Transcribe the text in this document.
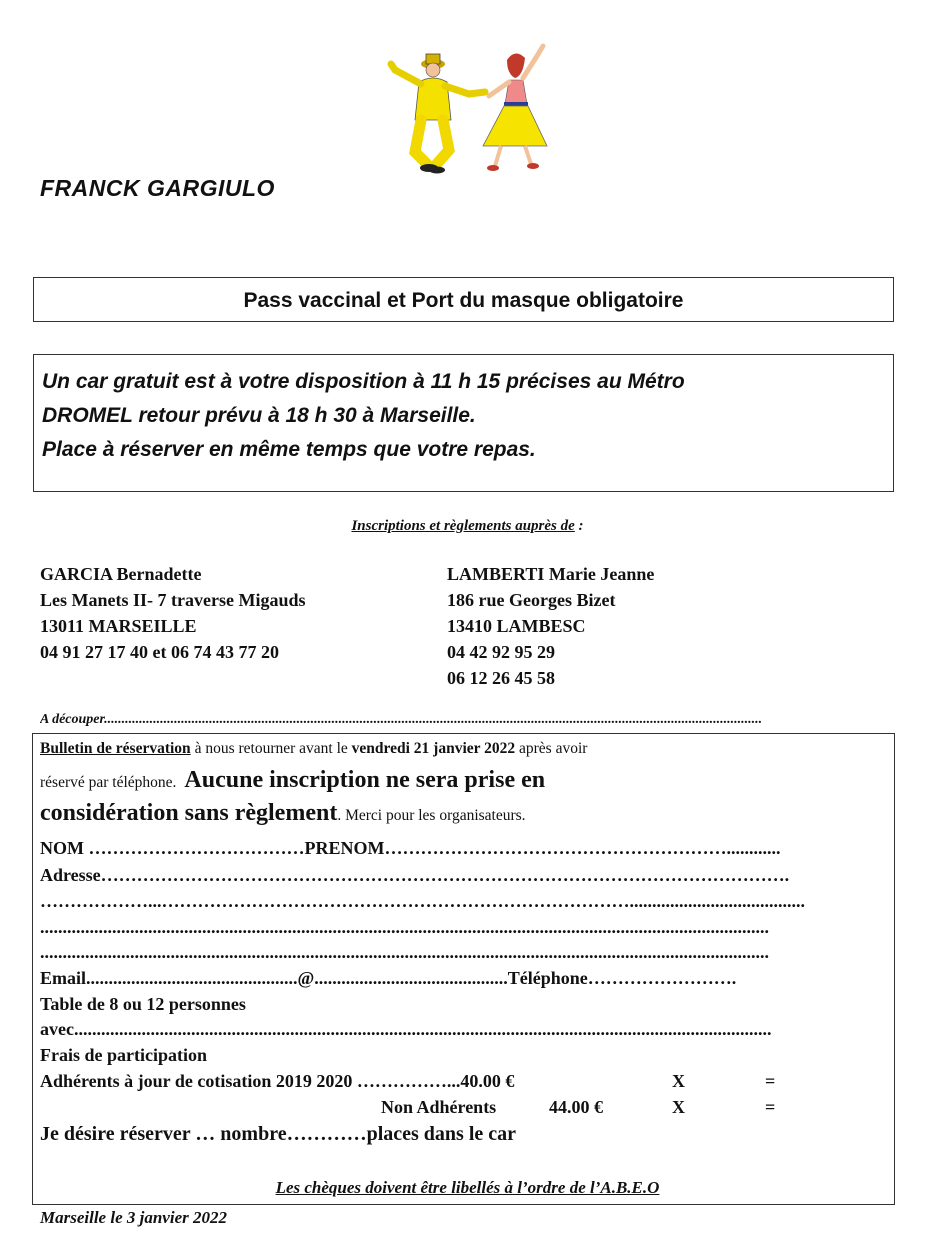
FRANCK GARGIULO
Pass vaccinal et Port du masque obligatoire
Un car gratuit est à votre disposition à 11 h 15 précises au Métro
DROMEL retour prévu à 18 h 30 à Marseille.
Place à réserver en même temps que votre repas.
Inscriptions et règlements auprès de :
GARCIA Bernadette
Les Manets II- 7 traverse Migauds
13011 MARSEILLE
04 91 27 17 40 et 06 74 43 77 20
LAMBERTI Marie Jeanne
186 rue Georges Bizet
13410 LAMBESC
04 42 92 95 29
06 12 26 45 58
A découper............................................................................................................................................................................................
Bulletin de réservation à nous retourner avant le vendredi 21 janvier 2022 après avoir
réservé par téléphone. Aucune inscription ne sera prise en
considération sans règlement. Merci pour les organisateurs.
NOM ………………………………PRENOM…………………………………………………............
Adresse…………………………………………………………………………………………………….
………………...…………………………………………………………………….......................................
..................................................................................................................................................................
..................................................................................................................................................................
Email...............................................@...........................................Téléphone…………………….
Table de 8 ou 12 personnes
avec...........................................................................................................................................................
Frais de participation
Adhérents à jour de cotisation 2019 2020 ……………...40.00 €	X	=
Non Adhérents	44.00 €	X	=
Je désire réserver … nombre…………places dans le car
Les chèques doivent être libellés à l’ordre de l’A.B.E.O
Marseille le 3 janvier 2022
